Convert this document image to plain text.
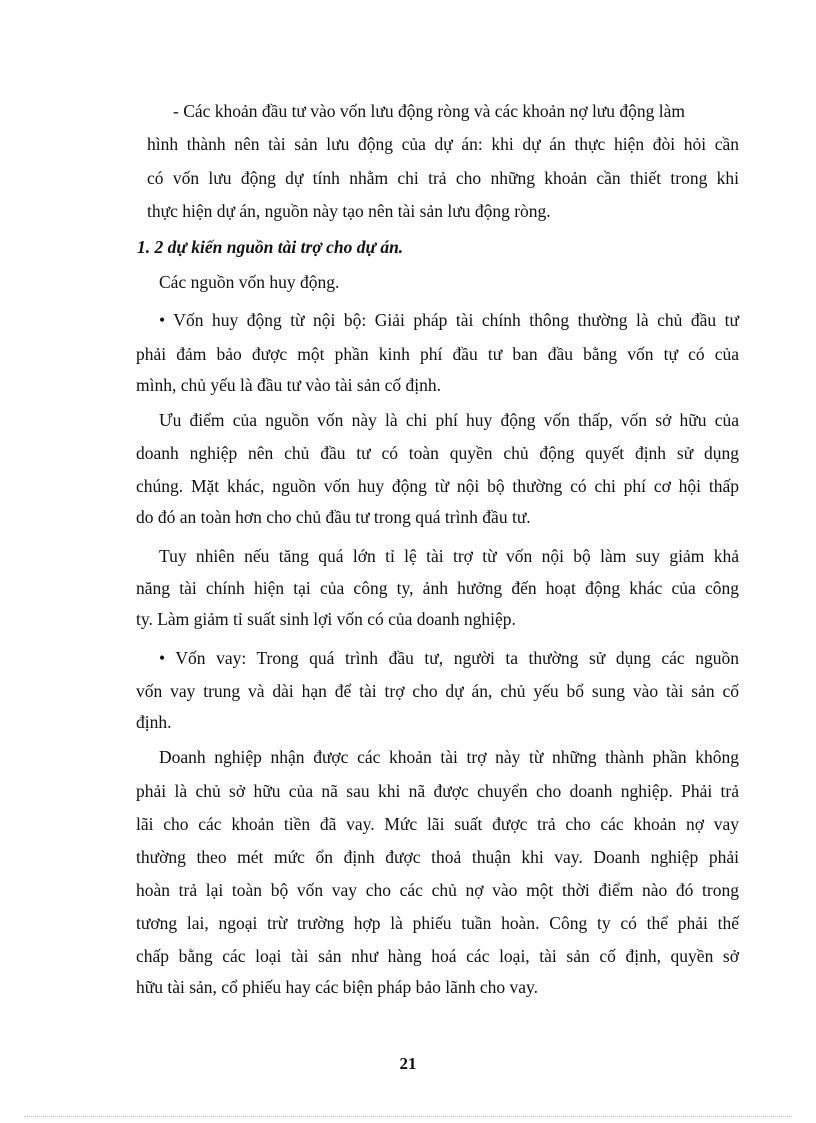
- Các khoản đầu tư vào vốn lưu động ròng và các khoản nợ lưu động làm
hình thành nên tài sản lưu động của dự án: khi dự án thực hiện đòi hỏi cần
có vốn lưu động dự tính nhằm chi trả cho những khoản cần thiết trong khi
thực hiện dự án, nguồn này tạo nên tài sản lưu động ròng.
1. 2 dự kiến nguồn tài trợ cho dự án.
Các nguồn vốn huy động.
• Vốn huy động từ nội bộ: Giải pháp tài chính thông thường là chủ đầu tư
phải đảm bảo được một phần kinh phí đầu tư ban đầu bằng vốn tự có của
mình, chủ yếu là đầu tư vào tài sản cố định.
Ưu điểm của nguồn vốn này là chi phí huy động vốn thấp, vốn sở hữu của
doanh nghiệp nên chủ đầu tư có toàn quyền chủ động quyết định sử dụng
chúng. Mặt khác, nguồn vốn huy động từ nội bộ thường có chi phí cơ hội thấp
do đó an toàn hơn cho chủ đầu tư trong quá trình đầu tư.
Tuy nhiên nếu tăng quá lớn tỉ lệ tài trợ từ vốn nội bộ làm suy giảm khả
năng tài chính hiện tại của công ty, ảnh hưởng đến hoạt động khác của công
ty. Làm giảm tỉ suất sinh lợi vốn có của doanh nghiệp.
• Vốn vay: Trong quá trình đầu tư, người ta thường sử dụng các nguồn
vốn vay trung và dài hạn để tài trợ cho dự án, chủ yếu bổ sung vào tài sản cố
định.
Doanh nghiệp nhận được các khoản tài trợ này từ những thành phần không
phải là chủ sở hữu của nã sau khi nã được chuyển cho doanh nghiệp. Phải trả
lãi cho các khoản tiền đã vay. Mức lãi suất được trả cho các khoản nợ vay
thường theo mét mức ổn định được thoả thuận khi vay. Doanh nghiệp phải
hoàn trả lại toàn bộ vốn vay cho các chủ nợ vào một thời điểm nào đó trong
tương lai, ngoại trừ trường hợp là phiếu tuần hoàn. Công ty có thể phải thế
chấp bằng các loại tài sản như hàng hoá các loại, tài sản cố định, quyền sở
hữu tài sản, cổ phiếu hay các biện pháp bảo lãnh cho vay.
21
